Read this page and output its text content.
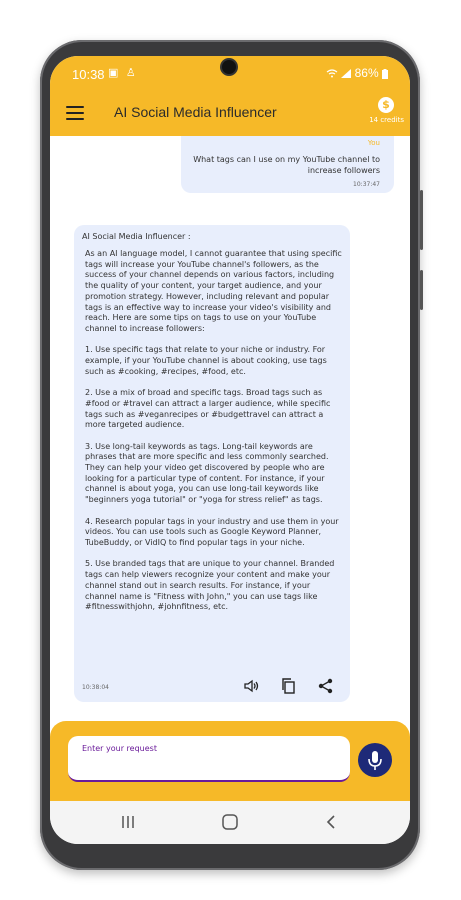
10:38 ▣ ♙	86%
AI Social Media Influencer	$
14 credits
You
What tags can I use on my YouTube channel to increase followers
10:37:47
AI Social Media Influencer :
As an AI language model, I cannot guarantee that using specific tags will increase your YouTube channel's followers, as the success of your channel depends on various factors, including the quality of your content, your target audience, and your promotion strategy. However, including relevant and popular tags is an effective way to increase your video's visibility and reach. Here are some tips on tags to use on your YouTube channel to increase followers:

1. Use specific tags that relate to your niche or industry. For example, if your YouTube channel is about cooking, use tags such as #cooking, #recipes, #food, etc.

2. Use a mix of broad and specific tags. Broad tags such as #food or #travel can attract a larger audience, while specific tags such as #veganrecipes or #budgettravel can attract a more targeted audience.

3. Use long-tail keywords as tags. Long-tail keywords are phrases that are more specific and less commonly searched. They can help your video get discovered by people who are looking for a particular type of content. For instance, if your channel is about yoga, you can use long-tail keywords like "beginners yoga tutorial" or "yoga for stress relief" as tags.

4. Research popular tags in your industry and use them in your videos. You can use tools such as Google Keyword Planner, TubeBuddy, or VidIQ to find popular tags in your niche.

5. Use branded tags that are unique to your channel. Branded tags can help viewers recognize your content and make your channel stand out in search results. For instance, if your channel name is "Fitness with John," you can use tags like #fitnesswithjohn, #johnfitness, etc.
10:38:04
Enter your request
